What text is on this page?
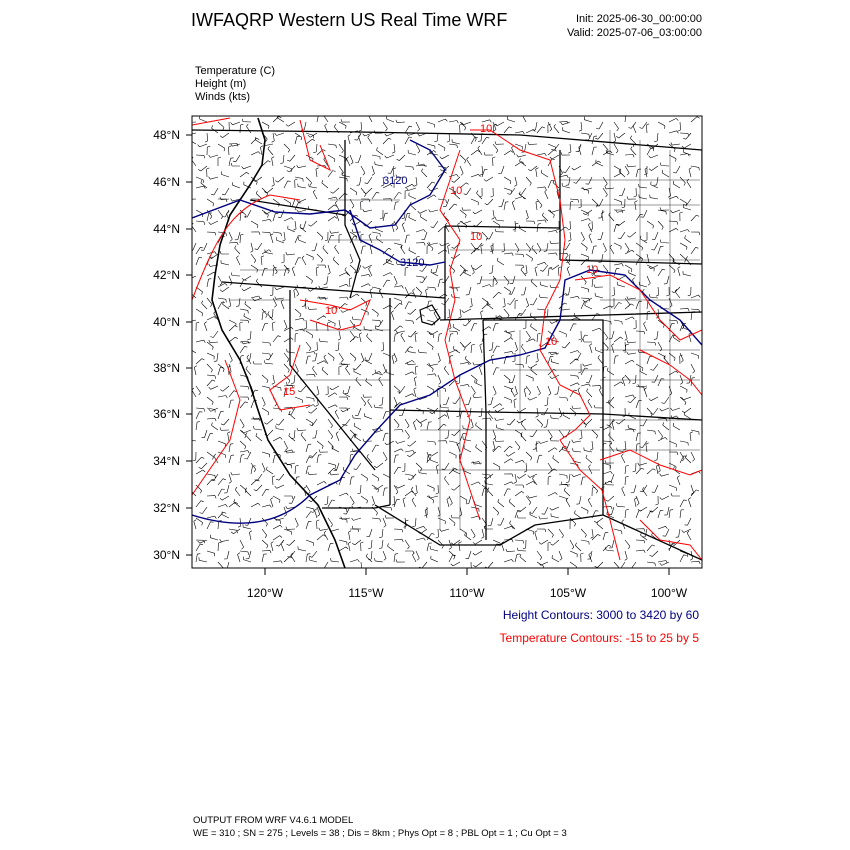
IWFAQRP Western US Real Time WRF	Init: 2025-06-30_00:00:00
Valid: 2025-07-06_03:00:00
Temperature (C)
Height (m)
Winds (kts)
3120
3120
10
10
10
10
15
10
10
48°N
46°N
44°N
42°N
40°N
38°N
36°N
34°N
32°N
30°N
120°W	115°W	110°W	105°W	100°W
Height Contours: 3000 to 3420 by 60
Temperature Contours: -15 to 25 by 5
OUTPUT FROM WRF V4.6.1 MODEL
WE = 310 ; SN = 275 ; Levels = 38 ; Dis = 8km ; Phys Opt = 8 ; PBL Opt = 1 ; Cu Opt = 3
